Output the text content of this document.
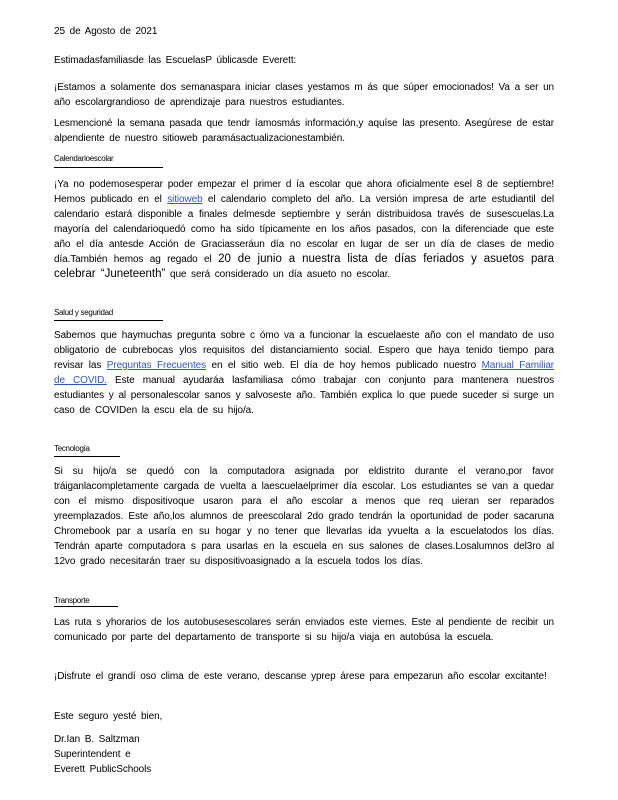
25 de Agosto de 2021
Estimadasfamiliasde las EscuelasP úblicasde Everett:
¡Estamos a solamente dos semanaspara iniciar clases yestamos m ás que súper emocionados! Va a ser un año escolargrandioso de aprendizaje para nuestros estudiantes.
Lesmencioné la semana pasada que tendr íamosmás información,y aquíse las presento. Asegúrese de estar alpendiente de nuestro sitioweb paramásactualizacionestambién.
Calendarioescolar
¡Ya no podemosesperar poder empezar el primer d ía escolar que ahora oficialmente esel 8 de septiembre! Hemos publicado en el sitioweb el calendario completo del año. La versión impresa de arte estudiantil del calendario estará disponible a finales delmesde septiembre y serán distribuidosa través de susescuelas.La mayoría del calendarioquedó como ha sido típicamente en los años pasados, con la diferenciade que este año el día antesde Acción de Graciasseráun día no escolar en lugar de ser un día de clases de medio día.También hemos ag regado el 20 de junio a nuestra lista de días feriados y asuetos para celebrar “Juneteenth” que será considerado un día asueto no escolar.
Salud y seguridad
Sabemos que haymuchas pregunta sobre c ómo va a funcionar la escuelaeste año con el mandato de uso obligatorio de cubrebocas ylos requisitos del distanciamiento social. Espero que haya tenido tiempo para revisar las Preguntas Frecuentes en el sitio web. El día de hoy hemos publicado nuestro Manual Familiar de COVID. Este manual ayudaráa lasfamiliasa cómo trabajar con conjunto para mantenera nuestros estudiantes y al personalescolar sanos y salvoseste año. También explica lo que puede suceder si surge un caso de COVIDen la escu ela de su hijo/a.
Tecnología
Si su hijo/a se quedó con la computadora asignada por eldistrito durante el verano,por favor tráiganlacompletamente cargada de vuelta a laescuelaelprimer día escolar. Los estudiantes se van a quedar con el mismo dispositivoque usaron para el año escolar a menos que req uieran ser reparados yreemplazados. Este año,los alumnos de preescolaral 2do grado tendrán la oportunidad de poder sacaruna Chromebook par a usaría en su hogar y no tener que llevarlas ida yvuelta a la escuelatodos los días. Tendrán aparte computadora s para usarlas en la escuela en sus salones de clases.Losalumnos del3ro al 12vo grado necesitarán traer su dispositivoasignado a la escuela todos los días.
Transporte
Las ruta s yhorarios de los autobusesescolares serán enviados este viernes. Este al pendiente de recibir un comunicado por parte del departamento de transporte si su hijo/a viaja en autobúsa la escuela.
¡Disfrute el grandí oso clima de este verano, descanse yprep árese para empezarun año escolar excitante!
Este seguro yesté bien,
Dr.Ian B. Saltzman
Superintendent e
Everett PublicSchools
